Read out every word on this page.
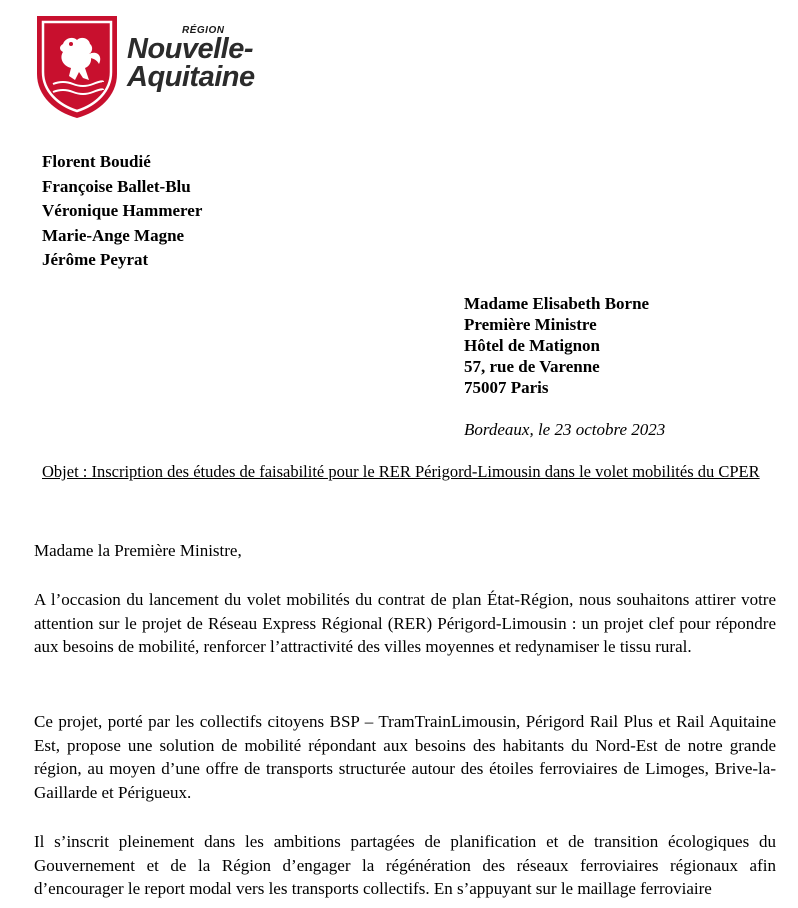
RÉGION
Nouvelle-
Aquitaine
Florent Boudié
Françoise Ballet-Blu
Véronique Hammerer
Marie-Ange Magne
Jérôme Peyrat
Madame Elisabeth Borne
Première Ministre
Hôtel de Matignon
57, rue de Varenne
75007 Paris
Bordeaux, le 23 octobre 2023
Objet : Inscription des études de faisabilité pour le RER Périgord-Limousin dans le volet mobilités du CPER
Madame la Première Ministre,
A l’occasion du lancement du volet mobilités du contrat de plan État-Région, nous souhaitons attirer votre attention sur le projet de Réseau Express Régional (RER) Périgord-Limousin : un projet clef pour répondre aux besoins de mobilité, renforcer l’attractivité des villes moyennes et redynamiser le tissu rural.
Ce projet, porté par les collectifs citoyens BSP – TramTrainLimousin, Périgord Rail Plus et Rail Aquitaine Est, propose une solution de mobilité répondant aux besoins des habitants du Nord-Est de notre grande région, au moyen d’une offre de transports structurée autour des étoiles ferroviaires de Limoges, Brive-la-Gaillarde et Périgueux.
Il s’inscrit pleinement dans les ambitions partagées de planification et de transition écologiques du Gouvernement et de la Région d’engager la régénération des réseaux ferroviaires régionaux afin d’encourager le report modal vers les transports collectifs. En s’appuyant sur le maillage ferroviaire
